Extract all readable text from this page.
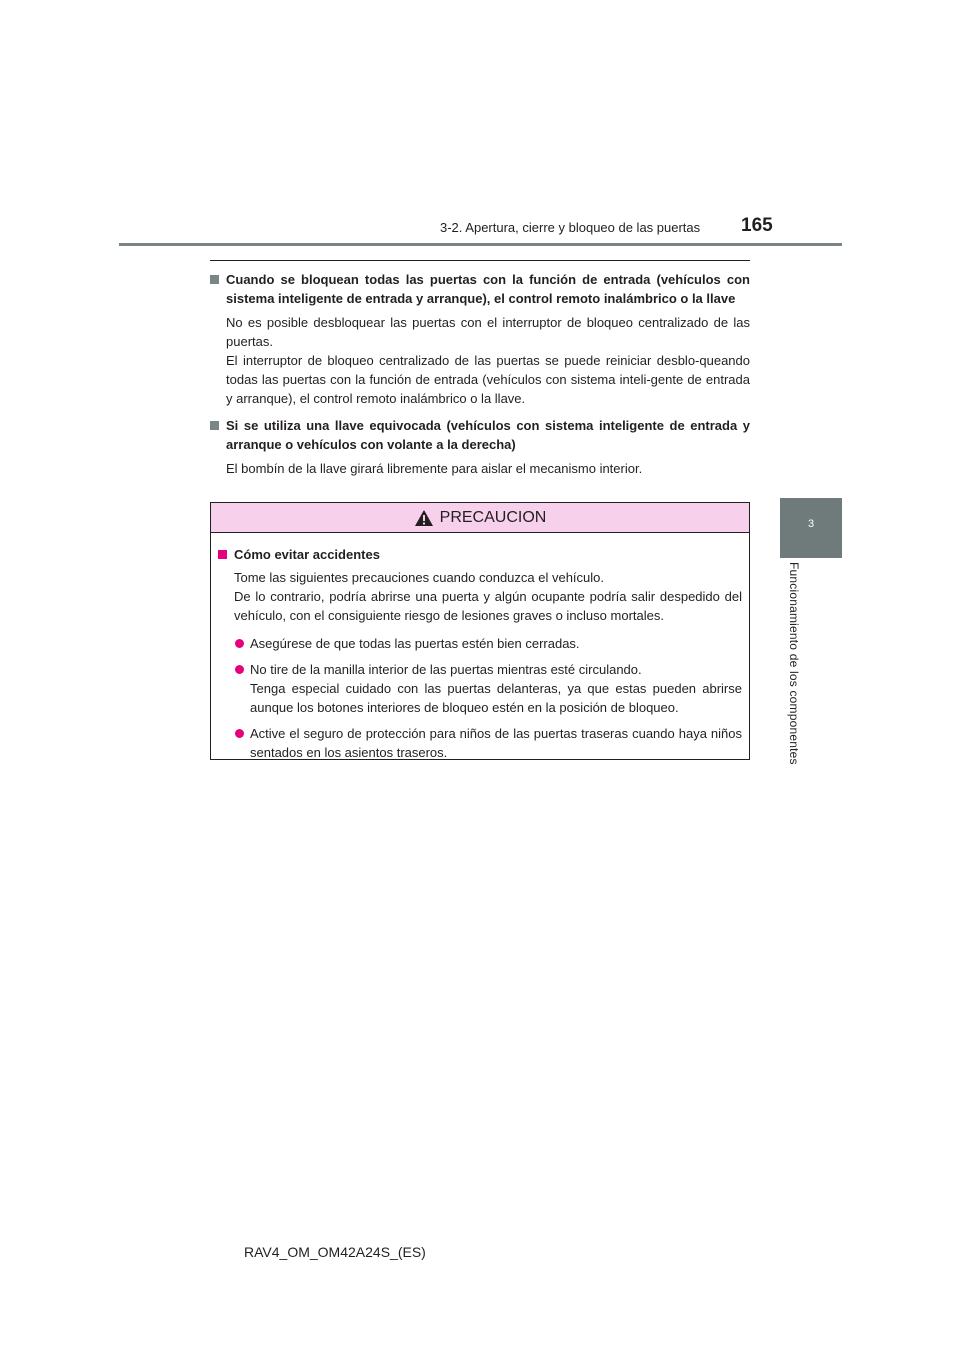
3-2. Apertura, cierre y bloqueo de las puertas 165
3
Funcionamiento de los componentes
Cuando se bloquean todas las puertas con la función de entrada (vehículos con sistema inteligente de entrada y arranque), el control remoto inalámbrico o la llave

No es posible desbloquear las puertas con el interruptor de bloqueo centralizado de las puertas.

El interruptor de bloqueo centralizado de las puertas se puede reiniciar desblo-queando todas las puertas con la función de entrada (vehículos con sistema inteli-gente de entrada y arranque), el control remoto inalámbrico o la llave.

Si se utiliza una llave equivocada (vehículos con sistema inteligente de entrada y arranque o vehículos con volante a la derecha)

El bombín de la llave girará libremente para aislar el mecanismo interior.

PRECAUCION
Cómo evitar accidentes

Tome las siguientes precauciones cuando conduzca el vehículo.

De lo contrario, podría abrirse una puerta y algún ocupante podría salir despedido del vehículo, con el consiguiente riesgo de lesiones graves o incluso mortales.

Asegúrese de que todas las puertas estén bien cerradas.

No tire de la manilla interior de las puertas mientras esté circulando.

Tenga especial cuidado con las puertas delanteras, ya que estas pueden abrirse aunque los botones interiores de bloqueo estén en la posición de bloqueo.

Active el seguro de protección para niños de las puertas traseras cuando haya niños sentados en los asientos traseros.

RAV4_OM_OM42A24S_(ES)
